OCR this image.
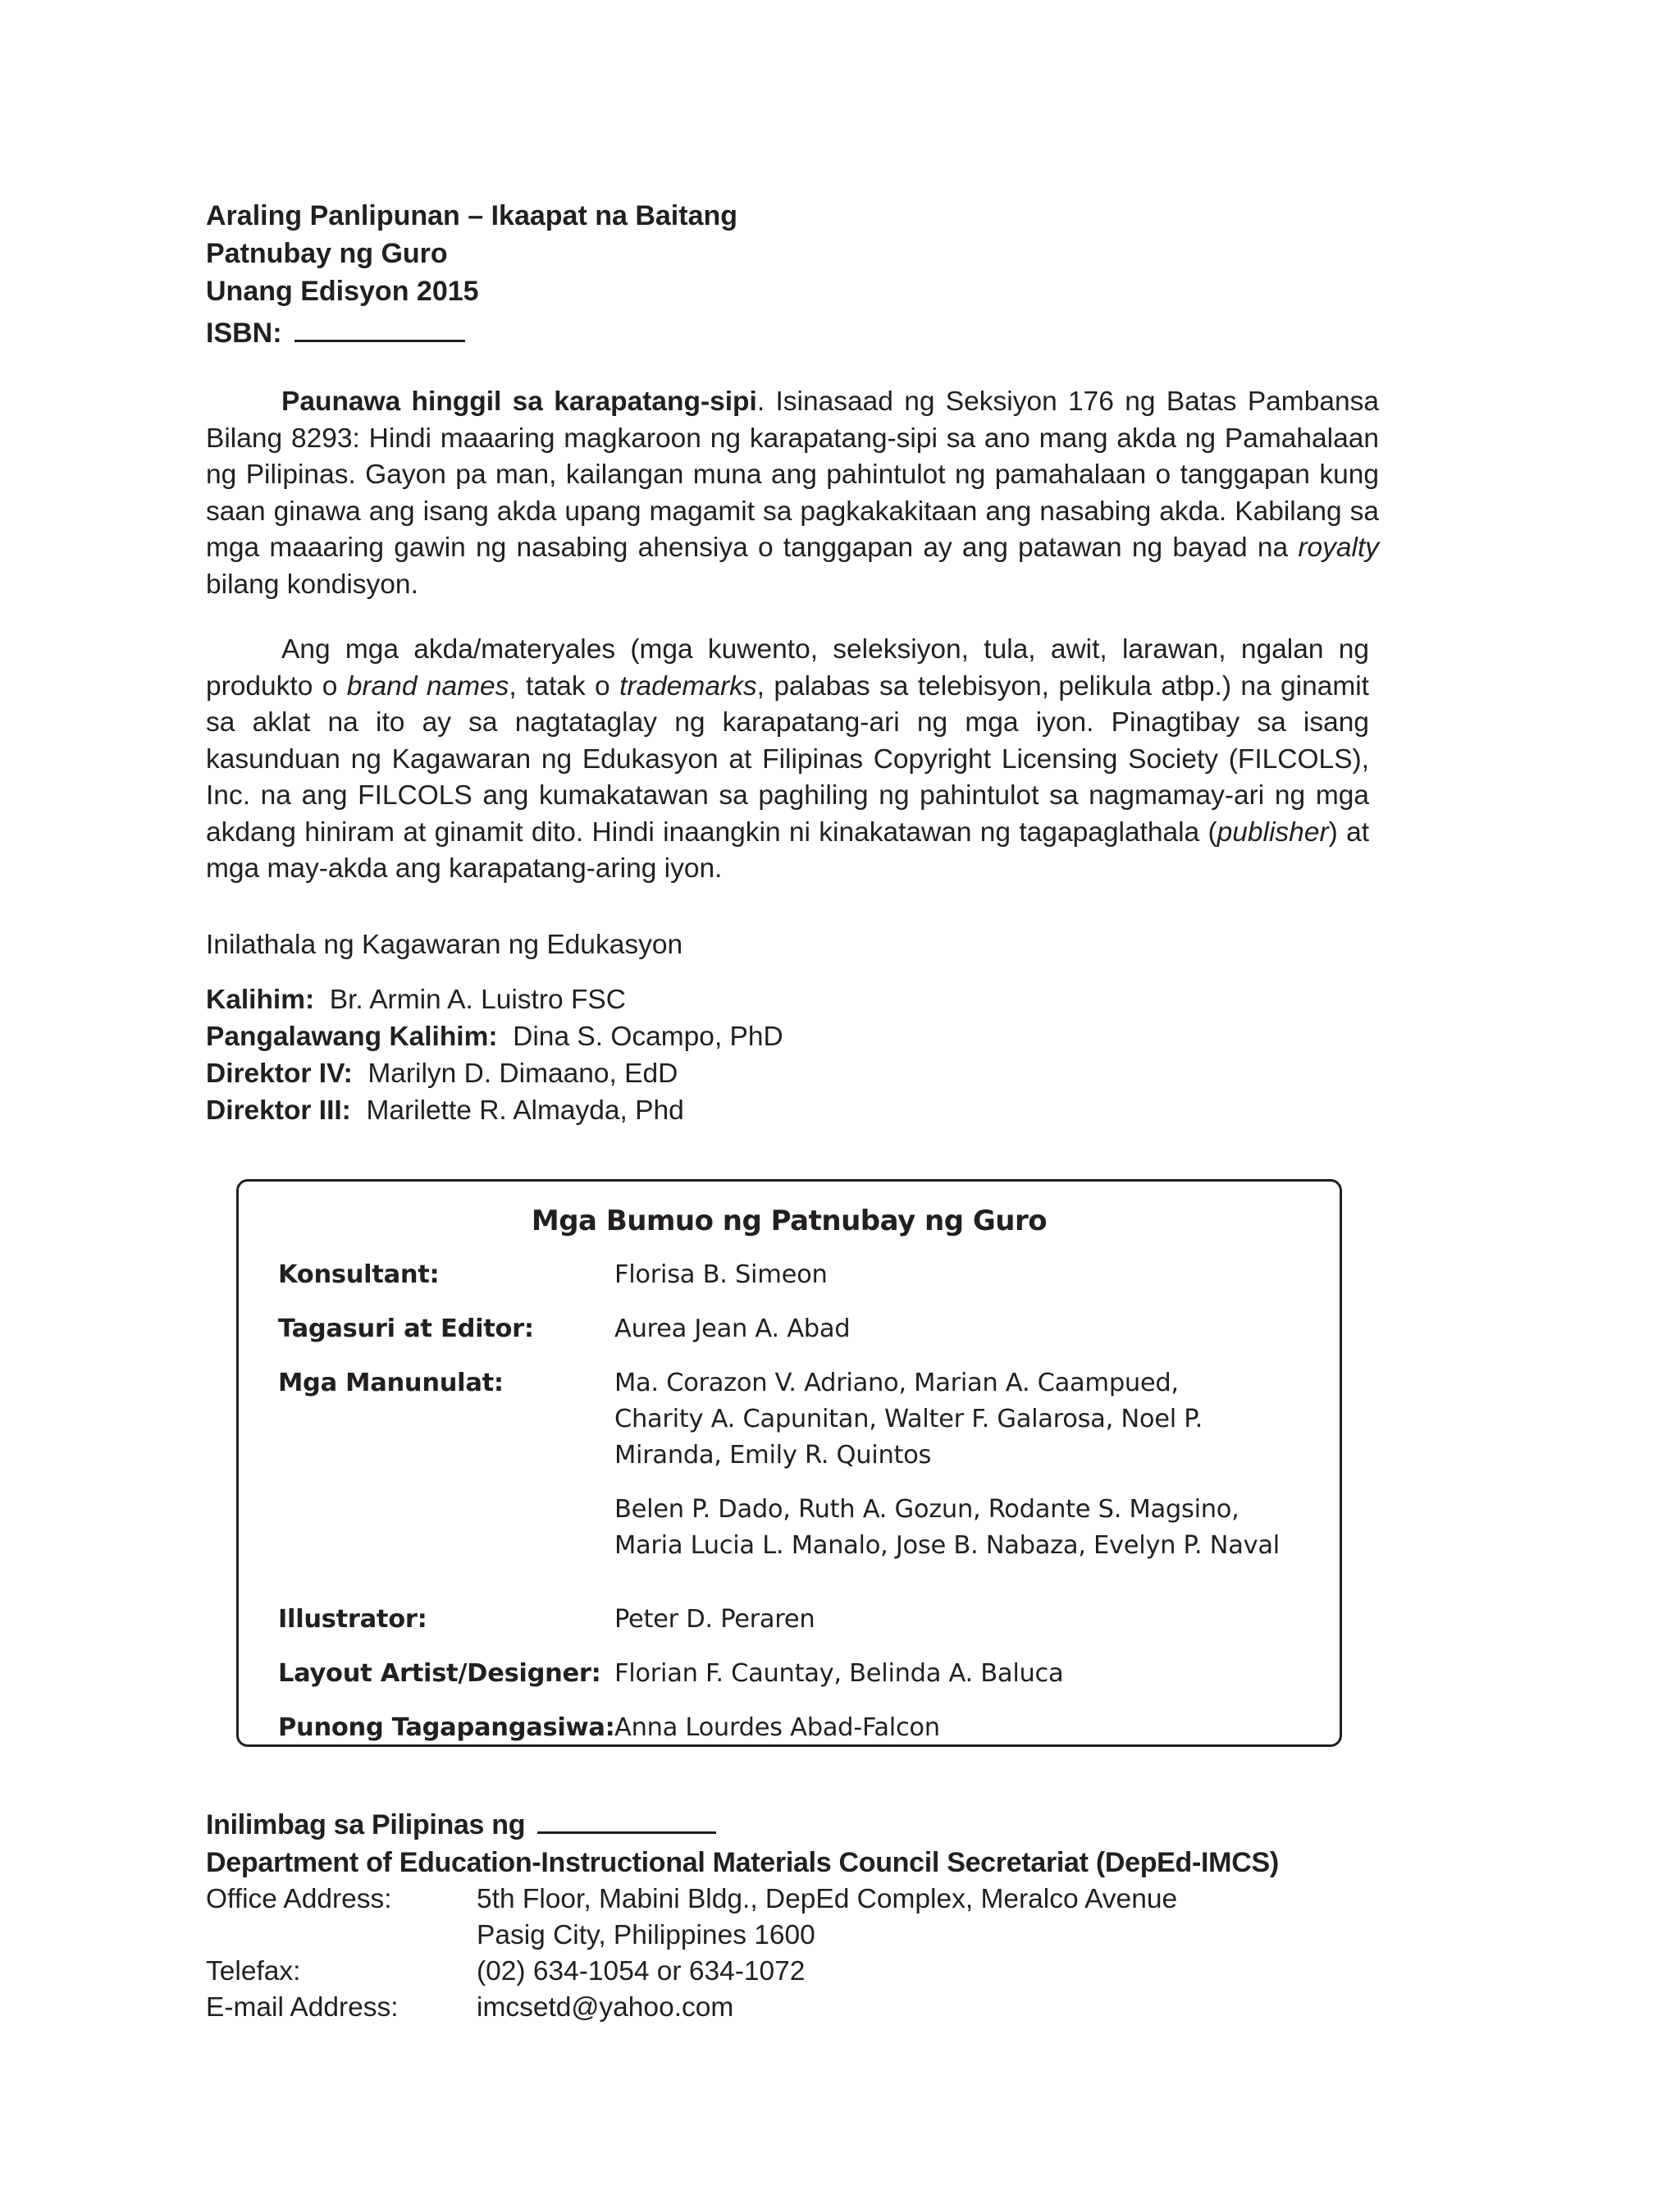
Araling Panlipunan – Ikaapat na Baitang
Patnubay ng Guro
Unang Edisyon 2015
ISBN:

Paunawa hinggil sa karapatang-sipi. Isinasaad ng Seksiyon 176 ng Batas Pambansa Bilang 8293: Hindi maaaring magkaroon ng karapatang-sipi sa ano mang akda ng Pamahalaan ng Pilipinas. Gayon pa man, kailangan muna ang pahintulot ng pamahalaan o tanggapan kung saan ginawa ang isang akda upang magamit sa pagkakakitaan ang nasabing akda. Kabilang sa mga maaaring gawin ng nasabing ahensiya o tanggapan ay ang patawan ng bayad na royalty bilang kondisyon.

Ang mga akda/materyales (mga kuwento, seleksiyon, tula, awit, larawan, ngalan ng produkto o brand names, tatak o trademarks, palabas sa telebisyon, pelikula atbp.) na ginamit sa aklat na ito ay sa nagtataglay ng karapatang-ari ng mga iyon. Pinagtibay sa isang kasunduan ng Kagawaran ng Edukasyon at Filipinas Copyright Licensing Society (FILCOLS), Inc. na ang FILCOLS ang kumakatawan sa paghiling ng pahintulot sa nagmamay-ari ng mga akdang hiniram at ginamit dito. Hindi inaangkin ni kinakatawan ng tagapaglathala (publisher) at mga may-akda ang karapatang-aring iyon.

Inilathala ng Kagawaran ng Edukasyon
Kalihim: Br. Armin A. Luistro FSC
Pangalawang Kalihim: Dina S. Ocampo, PhD
Direktor IV: Marilyn D. Dimaano, EdD
Direktor III: Marilette R. Almayda, Phd
Mga Bumuo ng Patnubay ng Guro
Konsultant:	Florisa B. Simeon
Tagasuri at Editor:	Aurea Jean A. Abad
Mga Manunulat:	Ma. Corazon V. Adriano, Marian A. Caampued,
Charity A. Capunitan, Walter F. Galarosa, Noel P.
Miranda, Emily R. Quintos
Belen P. Dado, Ruth A. Gozun, Rodante S. Magsino,
Maria Lucia L. Manalo, Jose B. Nabaza, Evelyn P. Naval
Illustrator:	Peter D. Peraren
Layout Artist/Designer: Florian F. Cauntay, Belinda A. Baluca
Punong Tagapangasiwa: Anna Lourdes Abad-Falcon
Inilimbag sa Pilipinas ng
Department of Education-Instructional Materials Council Secretariat (DepEd-IMCS)
Office Address:	5th Floor, Mabini Bldg., DepEd Complex, Meralco Avenue
Pasig City, Philippines 1600
Telefax:	(02) 634-1054 or 634-1072
E-mail Address:	imcsetd@yahoo.com
